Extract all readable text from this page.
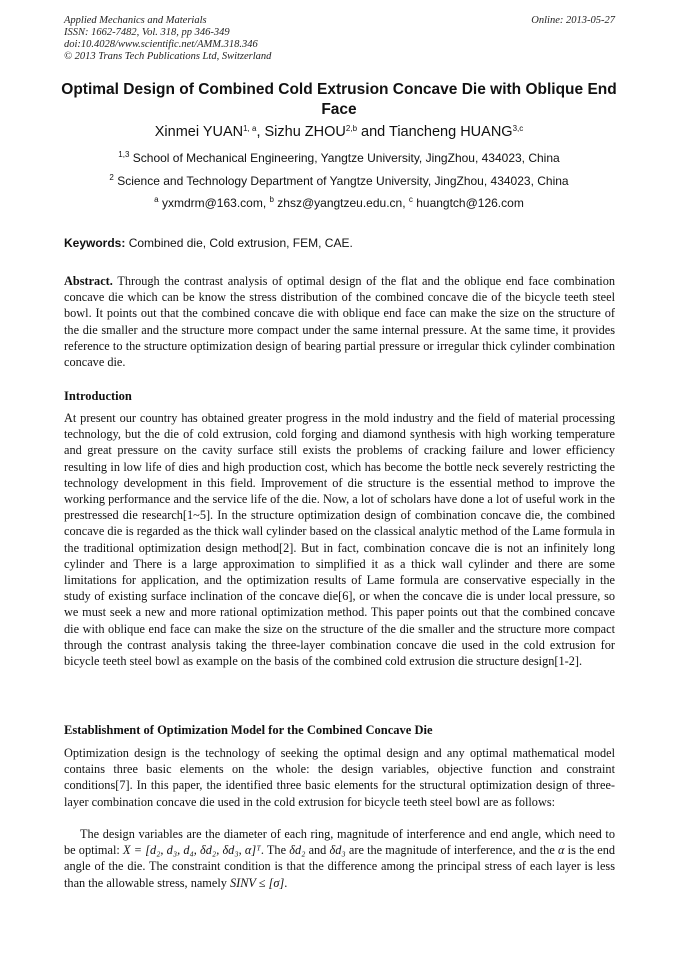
Applied Mechanics and Materials
ISSN: 1662-7482, Vol. 318, pp 346-349
doi:10.4028/www.scientific.net/AMM.318.346
© 2013 Trans Tech Publications Ltd, Switzerland
Online: 2013-05-27
Optimal Design of Combined Cold Extrusion Concave Die with Oblique End Face
Xinmei YUAN$^{1, a}$, Sizhu ZHOU$^{2,b}$ and Tiancheng HUANG$^{3,c}$
$^{1,3}$ School of Mechanical Engineering, Yangtze University, JingZhou, 434023, China
$^2$ Science and Technology Department of Yangtze University, JingZhou, 434023, China
$^a$ yxmdrm@163.com, $^b$ zhsz@yangtzeu.edu.cn, $^c$ huangtch@126.com
Keywords: Combined die, Cold extrusion, FEM, CAE.
Abstract. Through the contrast analysis of optimal design of the flat and the oblique end face combination concave die which can be know the stress distribution of the combined concave die of the bicycle teeth steel bowl. It points out that the combined concave die with oblique end face can make the size on the structure of the die smaller and the structure more compact under the same internal pressure. At the same time, it provides reference to the structure optimization design of bearing partial pressure or irregular thick cylinder combination concave die.
Introduction
At present our country has obtained greater progress in the mold industry and the field of material processing technology, but the die of cold extrusion, cold forging and diamond synthesis with high working temperature and great pressure on the cavity surface still exists the problems of cracking failure and lower efficiency resulting in low life of dies and high production cost, which has become the bottle neck severely restricting the technology development in this field. Improvement of die structure is the essential method to improve the working performance and the service life of the die. Now, a lot of scholars have done a lot of useful work in the prestressed die research[1~5]. In the structure optimization design of combination concave die, the combined concave die is regarded as the thick wall cylinder based on the classical analytic method of the Lame formula in the traditional optimization design method[2]. But in fact, combination concave die is not an infinitely long cylinder and There is a large approximation to simplified it as a thick wall cylinder and there are some limitations for application, and the optimization results of Lame formula are conservative especially in the study of existing surface inclination of the concave die[6], or when the concave die is under local pressure, so we must seek a new and more rational optimization method. This paper points out that the combined concave die with oblique end face can make the size on the structure of the die smaller and the structure more compact through the contrast analysis taking the three-layer combination concave die used in the cold extrusion for bicycle teeth steel bowl as example on the basis of the combined cold extrusion die structure design[1-2].
Establishment of Optimization Model for the Combined Concave Die
Optimization design is the technology of seeking the optimal design and any optimal mathematical model contains three basic elements on the whole: the design variables, objective function and constraint conditions[7]. In this paper, the identified three basic elements for the structural optimization design of three-layer combination concave die used in the cold extrusion for bicycle teeth steel bowl are as follows:
The design variables are the diameter of each ring, magnitude of interference and end angle, which need to be optimal: X = [d₂, d₃, d₄, δd₂, δd₃, α]ᵀ. The δd₂ and δd₃ are the magnitude of interference, and the α is the end angle of the die. The constraint condition is that the difference among the principal stress of each layer is less than the allowable stress, namely SINV ≤ [σ].
